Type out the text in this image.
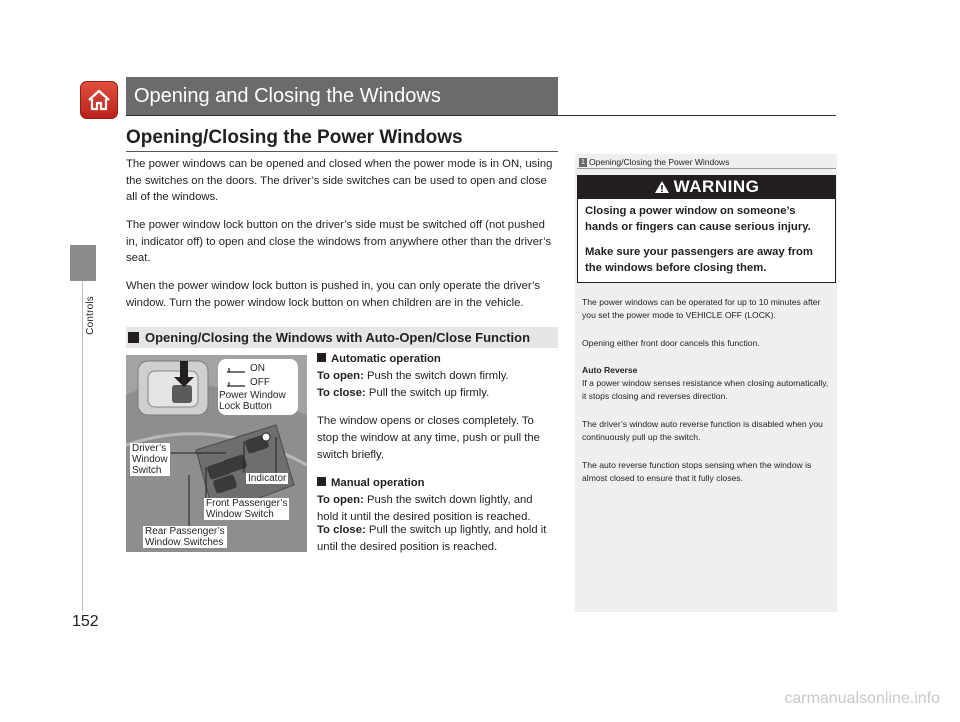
Controls
152
Opening and Closing the Windows
Opening/Closing the Power Windows

The power windows can be opened and closed when the power mode is in ON, using the switches on the doors. The driver’s side switches can be used to open and close all of the windows.

The power window lock button on the driver’s side must be switched off (not pushed in, indicator off) to open and close the windows from anywhere other than the driver’s seat.

When the power window lock button is pushed in, you can only operate the driver’s window. Turn the power window lock button on when children are in the vehicle.

Opening/Closing the Windows with Auto-Open/Close Function
ON
OFF
Power Window
Lock Button
Driver’s
Window
Switch
Indicator
Front Passenger’s
Window Switch
Rear Passenger’s
Window Switches
Automatic operation

To open: Push the switch down firmly.

To close: Pull the switch up firmly.

The window opens or closes completely. To stop the window at any time, push or pull the switch briefly.

Manual operation

To open: Push the switch down lightly, and hold it until the desired position is reached.

To close: Pull the switch up lightly, and hold it until the desired position is reached.

1 Opening/Closing the Power Windows
WARNING

Closing a power window on someone’s hands or fingers can cause serious injury.

Make sure your passengers are away from the windows before closing them.

The power windows can be operated for up to 10 minutes after you set the power mode to VEHICLE OFF (LOCK).

Opening either front door cancels this function.

Auto Reverse

If a power window senses resistance when closing automatically, it stops closing and reverses direction.

The driver’s window auto reverse function is disabled when you continuously pull up the switch.

The auto reverse function stops sensing when the window is almost closed to ensure that it fully closes.

carmanualsonline.info
